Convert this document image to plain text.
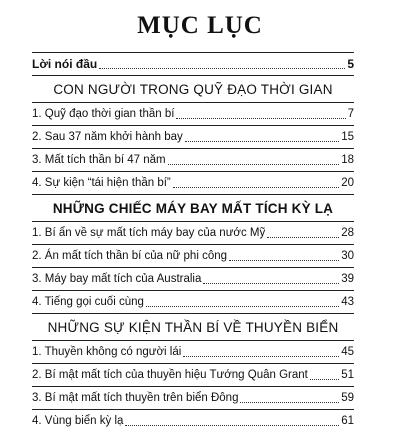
MỤC LỤC
Lời nói đầu	5
CON NGƯỜI TRONG QUỸ ĐẠO THỜI GIAN
1. Quỹ đạo thời gian thần bí	7
2. Sau 37 năm khởi hành bay	15
3. Mất tích thần bí 47 năm	18
4. Sự kiện “tái hiện thần bí”	20
NHỮNG CHIẾC MÁY BAY MẤT TÍCH KỲ LẠ
1. Bí ẩn về sự mất tích máy bay của nước Mỹ	28
2. Án mất tích thần bí của nữ phi công	30
3. Máy bay mất tích của Australia	39
4. Tiếng gọi cuối cùng	43
NHỮNG SỰ KIỆN THẦN BÍ VỀ THUYỀN BIỂN
1. Thuyền không có người lái	45
2. Bí mật mất tích của thuyền hiệu Tướng Quân Grant	51
3. Bí mật mất tích thuyền trên biển Đông	59
4. Vùng biển kỳ lạ	61
